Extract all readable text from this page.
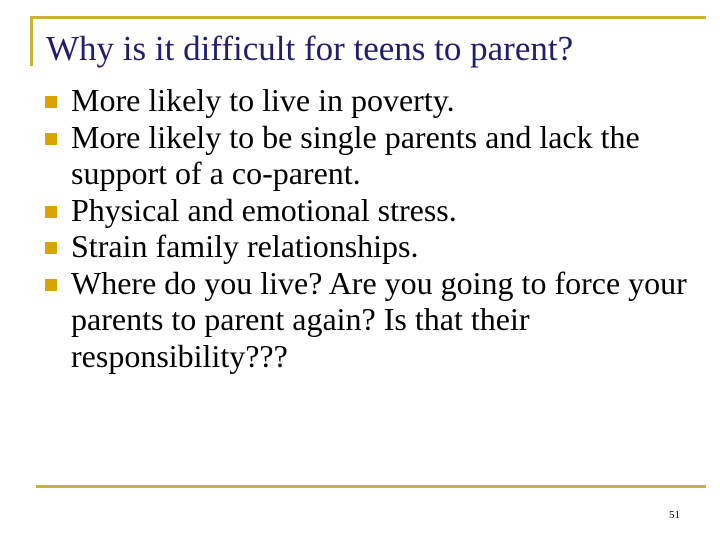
Why is it difficult for teens to parent?
More likely to live in poverty.
More likely to be single parents and lack the support of a co-parent.
Physical and emotional stress.
Strain family relationships.
Where do you live? Are you going to force your parents to parent again? Is that their responsibility???
51
